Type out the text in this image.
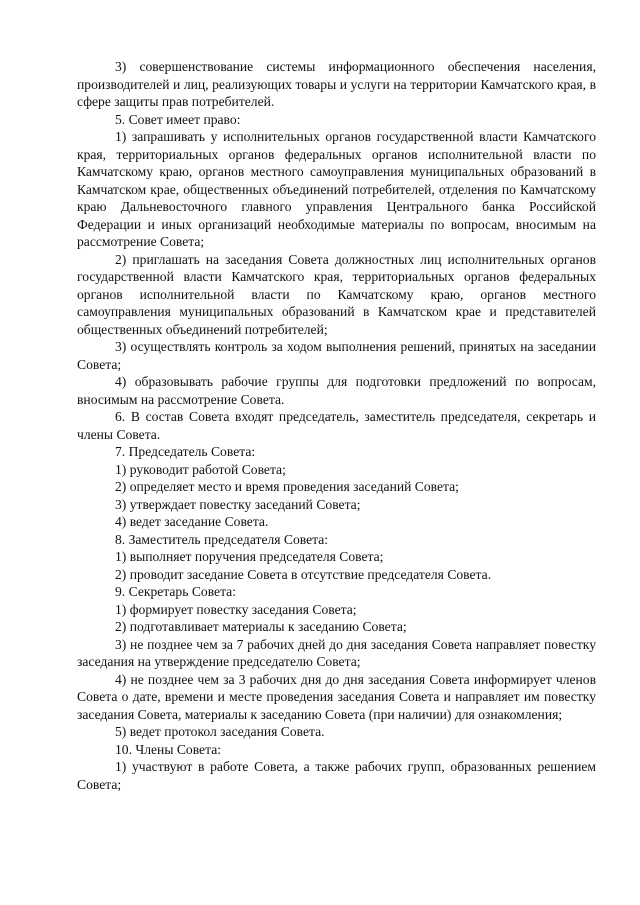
3) совершенствование системы информационного обеспечения населения, производителей и лиц, реализующих товары и услуги на территории Камчатского края, в сфере защиты прав потребителей.

5. Совет имеет право:

1) запрашивать у исполнительных органов государственной власти Камчатского края, территориальных органов федеральных органов исполнительной власти по Камчатскому краю, органов местного самоуправления муниципальных образований в Камчатском крае, общественных объединений потребителей, отделения по Камчатскому краю Дальневосточного главного управления Центрального банка Российской Федерации и иных организаций необходимые материалы по вопросам, вносимым на рассмотрение Совета;

2) приглашать на заседания Совета должностных лиц исполнительных органов государственной власти Камчатского края, территориальных органов федеральных органов исполнительной власти по Камчатскому краю, органов местного самоуправления муниципальных образований в Камчатском крае и представителей общественных объединений потребителей;

3) осуществлять контроль за ходом выполнения решений, принятых на заседании Совета;

4) образовывать рабочие группы для подготовки предложений по вопросам, вносимым на рассмотрение Совета.

6. В состав Совета входят председатель, заместитель председателя, секретарь и члены Совета.

7. Председатель Совета:

1) руководит работой Совета;

2) определяет место и время проведения заседаний Совета;

3) утверждает повестку заседаний Совета;

4) ведет заседание Совета.

8. Заместитель председателя Совета:

1) выполняет поручения председателя Совета;

2) проводит заседание Совета в отсутствие председателя Совета.

9. Секретарь Совета:

1) формирует повестку заседания Совета;

2) подготавливает материалы к заседанию Совета;

3) не позднее чем за 7 рабочих дней до дня заседания Совета направляет повестку заседания на утверждение председателю Совета;

4) не позднее чем за 3 рабочих дня до дня заседания Совета информирует членов Совета о дате, времени и месте проведения заседания Совета и направляет им повестку заседания Совета, материалы к заседанию Совета (при наличии) для ознакомления;

5) ведет протокол заседания Совета.

10. Члены Совета:

1) участвуют в работе Совета, а также рабочих групп, образованных решением Совета;
